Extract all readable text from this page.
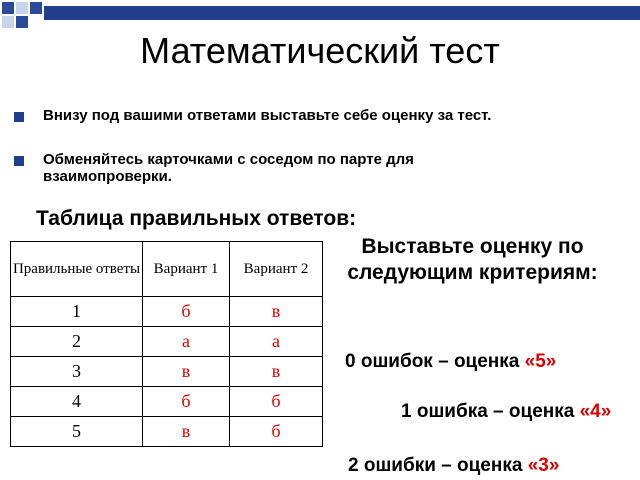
Математический тест
Внизу под вашими ответами выставьте себе оценку за тест.
Обменяйтесь карточками с соседом по парте для взаимопроверки.
Таблица правильных ответов:
Правильные ответы	Вариант 1	Вариант 2
1	б	в
2	а	а
3	в	в
4	б	б
5	в	б
Выставьте оценку по следующим критериям:
0 ошибок – оценка «5»
1 ошибка – оценка «4»
2 ошибки – оценка «3»
